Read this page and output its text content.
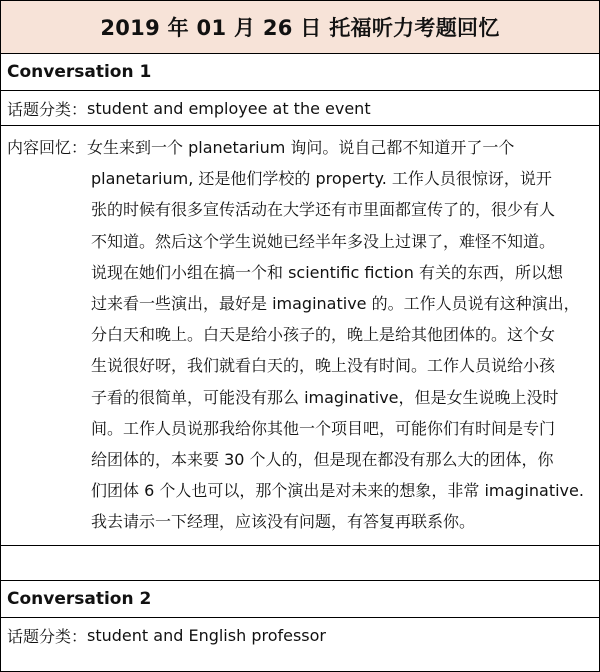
2019 年 01 月 26 日 托福听力考题回忆
Conversation 1
话题分类： student and employee at the event

内容回忆：女生来到一个 planetarium 询问。说自己都不知道开了一个
planetarium, 还是他们学校的 property. 工作人员很惊讶，说开
张的时候有很多宣传活动在大学还有市里面都宣传了的，很少有人
不知道。然后这个学生说她已经半年多没上过课了，难怪不知道。
说现在她们小组在搞一个和 scientific fiction 有关的东西，所以想
过来看一些演出，最好是 imaginative 的。工作人员说有这种演出，
分白天和晚上。白天是给小孩子的，晚上是给其他团体的。这个女
生说很好呀，我们就看白天的，晚上没有时间。工作人员说给小孩
子看的很简单，可能没有那么 imaginative，但是女生说晚上没时
间。工作人员说那我给你其他一个项目吧，可能你们有时间是专门
给团体的，本来要 30 个人的，但是现在都没有那么大的团体，你
们团体 6 个人也可以，那个演出是对未来的想象，非常 imaginative.
我去请示一下经理，应该没有问题，有答复再联系你。

Conversation 2
话题分类： student and English professor
